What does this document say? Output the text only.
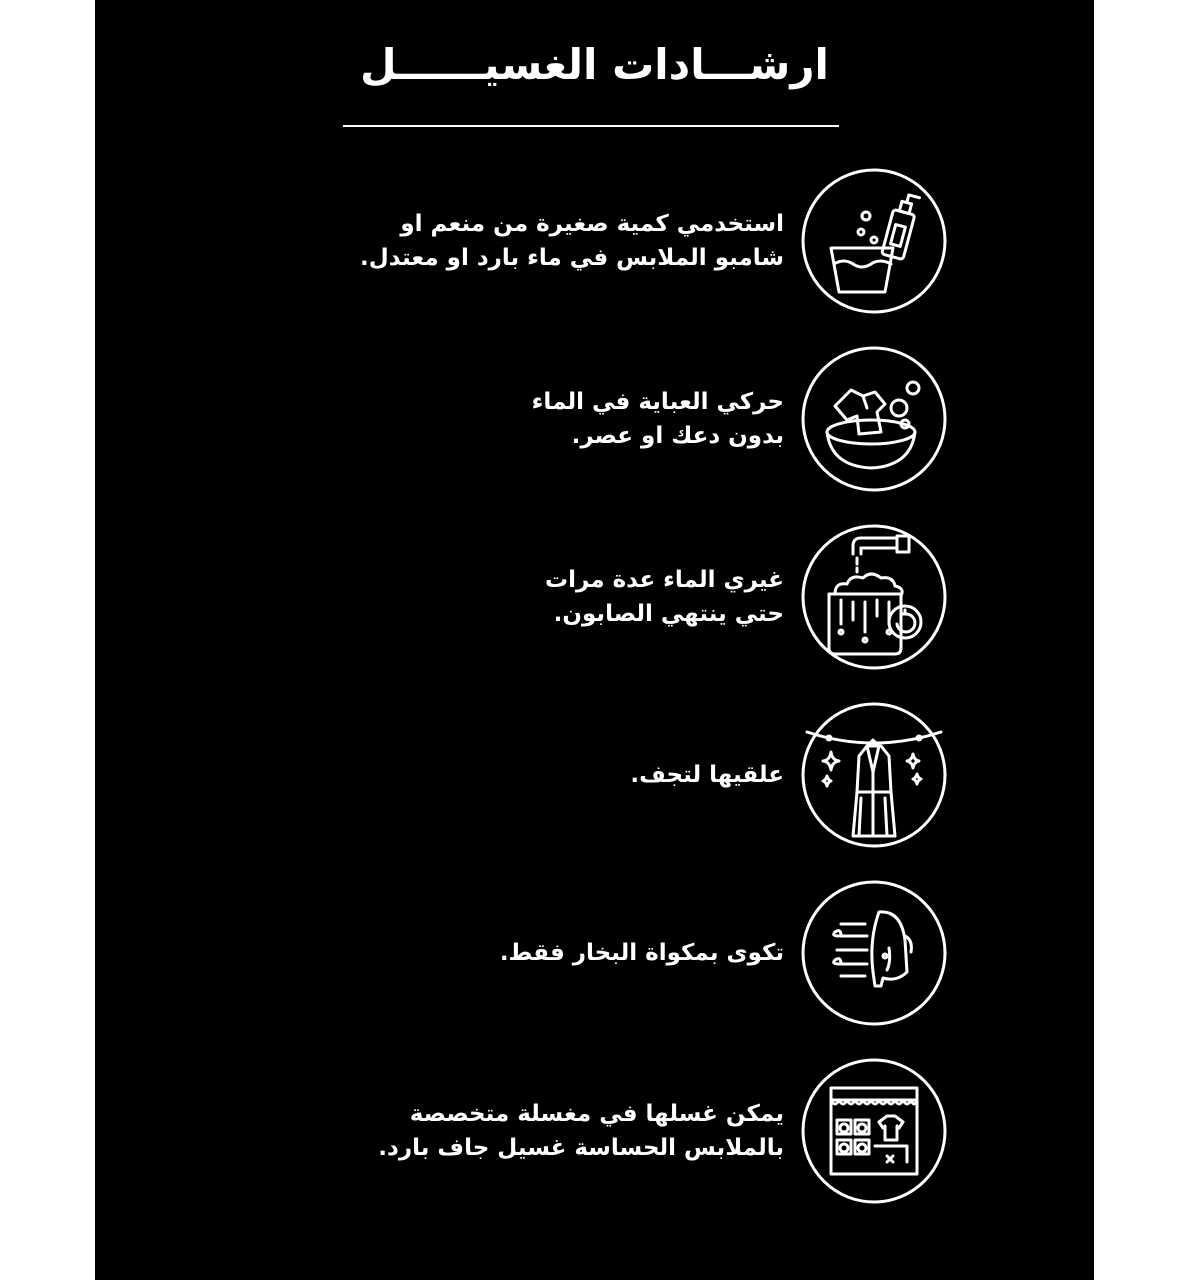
ارشـــادات الغسيــــــل
استخدمي كمية صغيرة من منعم او
شامبو الملابس في ماء بارد او معتدل.
حركي العباية في الماء
بدون دعك او عصر.
غيري الماء عدة مرات
حتي ينتهي الصابون.
علقيها لتجف.
تكوى بمكواة البخار فقط.
يمكن غسلها في مغسلة متخصصة
بالملابس الحساسة غسيل جاف بارد.
